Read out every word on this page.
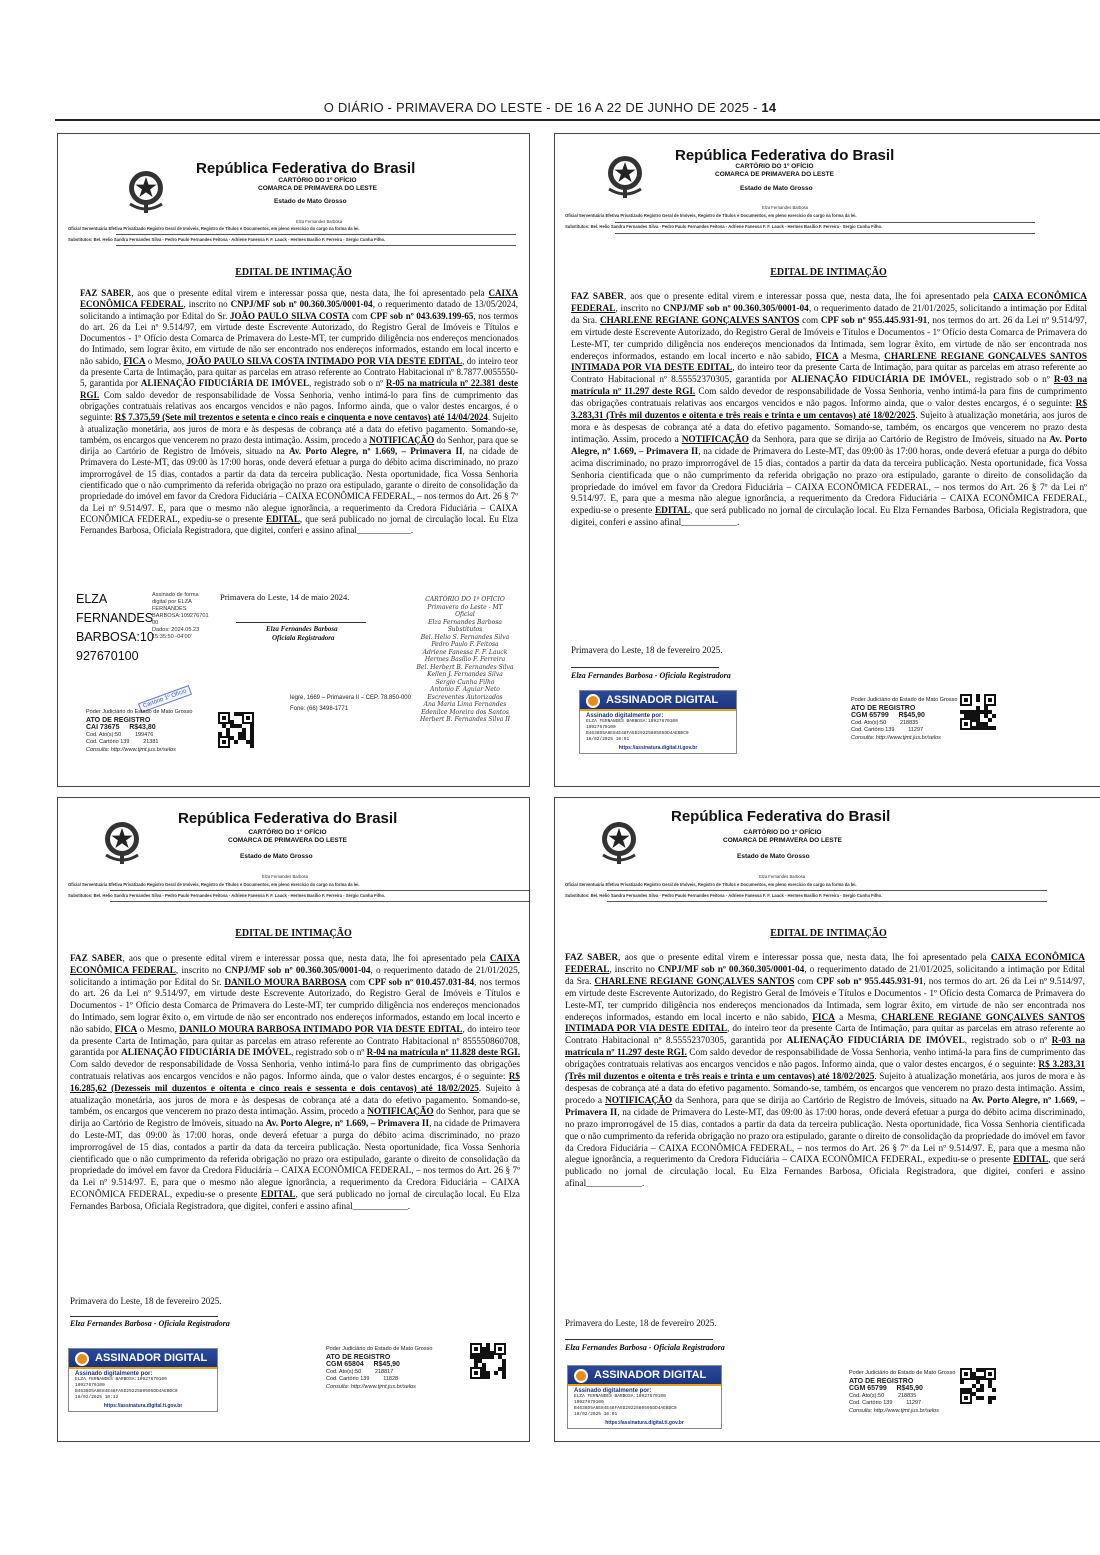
O DIÁRIO - PRIMAVERA DO LESTE - DE 16 A 22 DE JUNHO DE 2025 - 14
República Federativa do Brasil
CARTÓRIO DO 1º OFÍCIO
COMARCA DE PRIMAVERA DO LESTE
Estado de Mato Grosso
Elza Fernandes Barbosa
Oficial Serventuária Efetiva Privatizado Registro Geral de Imóveis, Registro de Títulos e Documentos, em pleno exercício do cargo na forma da lei.
Substitutos: Bel. Helio Sandra Fernandes Silva - Pedro Paulo Fernandes Feitosa - Adriene Fanessa F. F. Lauck - Hermes Basílio F. Ferreira - Sergio Cunha Filho.
EDITAL DE INTIMAÇÃO
FAZ SABER, aos que o presente edital virem e interessar possa que, nesta data, lhe foi apresentado pela CAIXA ECONÔMICA FEDERAL, inscrito no CNPJ/MF sob nº 00.360.305/0001-04, o requerimento datado de 13/05/2024, solicitando a intimação por Edital do Sr. JOÃO PAULO SILVA COSTA com CPF sob nº 043.639.199-65, nos termos do art. 26 da Lei nº 9.514/97, em virtude deste Escrevente Autorizado, do Registro Geral de Imóveis e Títulos e Documentos - 1º Ofício desta Comarca de Primavera do Leste-MT, ter cumprido diligência nos endereços mencionados do Intimado, sem lograr êxito, em virtude de não ser encontrado nos endereços informados, estando em local incerto e não sabido, FICA o Mesmo, JOÃO PAULO SILVA COSTA INTIMADO POR VIA DESTE EDITAL, do inteiro teor da presente Carta de Intimação, para quitar as parcelas em atraso referente ao Contrato Habitacional nº 8.7877.0055550-5, garantida por ALIENAÇÃO FIDUCIÁRIA DE IMÓVEL, registrado sob o nº R-05 na matrícula nº 22.381 deste RGI. Com saldo devedor de responsabilidade de Vossa Senhoria, venho intimá-lo para fins de cumprimento das obrigações contratuais relativas aos encargos vencidos e não pagos. Informo ainda, que o valor destes encargos, é o seguinte: R$ 7.375,59 (Sete mil trezentos e setenta e cinco reais e cinquenta e nove centavos) até 14/04/2024. Sujeito à atualização monetária, aos juros de mora e às despesas de cobrança até a data do efetivo pagamento. Somando-se, também, os encargos que vencerem no prazo desta intimação. Assim, procedo a NOTIFICAÇÃO do Senhor, para que se dirija ao Cartório de Registro de Imóveis, situado na Av. Porto Alegre, nº 1.669, – Primavera II, na cidade de Primavera do Leste-MT, das 09:00 às 17:00 horas, onde deverá efetuar a purga do débito acima discriminado, no prazo improrrogável de 15 dias, contados a partir da data da terceira publicação. Nesta oportunidade, fica Vossa Senhoria cientificado que o não cumprimento da referida obrigação no prazo ora estipulado, garante o direito de consolidação da propriedade do imóvel em favor da Credora Fiduciária – CAIXA ECONÔMICA FEDERAL, – nos termos do Art. 26 § 7º da Lei nº 9.514/97. E, para que o mesmo não alegue ignorância, a requerimento da Credora Fiduciária – CAIXA ECONÔMICA FEDERAL, expediu-se o presente EDITAL, que será publicado no jornal de circulação local. Eu Elza Fernandes Barbosa, Oficiala Registradora, que digitei, conferi e assino afinal____________.
ELZA
FERNANDES
BARBOSA:10
927670100
Assinado de forma
digital por ELZA
FERNANDES
BARBOSA:109276701
00
Dados: 2024.05.23
15:35:50 -04'00'
Primavera do Leste, 14 de maio 2024.
Elza Fernandes Barbosa
Oficiala Registradora
CARTÓRIO DO 1º OFÍCIO
Primavera do Leste - MT
Oficial
Elza Fernandes Barbosa
Substitutos
Bel. Helio S. Fernandes Silva
Pedro Paulo F. Feitosa
Adriene Fanessa F. F. Lauck
Hermes Basílio F. Ferreira
Bel. Herbert B. Fernandes Silva
Kellen J. Fernandes Silva
Sergio Cunha Filho
Antonio F. Aguiar Neto
Escreventes Autorizados
Ana Maria Lima Fernandes
Edenilce Moreira dos Santos
Herbert B. Fernandes Silva II
Cartório 1º Ofício	legre, 1669 – Primavera II – CEP. 78.850-000
Fone: (66) 3498-1771
Poder Judiciário do Estado de Mato Grosso
ATO DE REGISTRO
CAI 73675 R$43,80
Cod. Ato(s):50	199476
Cod. Cartório 139	21381
Consulta: http://www.tjmt.jus.br/selos
República Federativa do Brasil
CARTÓRIO DO 1º OFÍCIO
COMARCA DE PRIMAVERA DO LESTE
Estado de Mato Grosso
Elza Fernandes Barbosa
Oficial Serventuária Efetiva Privatizado Registro Geral de Imóveis, Registro de Títulos e Documentos, em pleno exercício do cargo na forma da lei.
Substitutos: Bel. Helio Sandra Fernandes Silva - Pedro Paulo Fernandes Feitosa - Adriene Fanessa F. F. Lauck - Hermes Basílio F. Ferreira - Sergio Cunha Filho.
EDITAL DE INTIMAÇÃO
FAZ SABER, aos que o presente edital virem e interessar possa que, nesta data, lhe foi apresentado pela CAIXA ECONÔMICA FEDERAL, inscrito no CNPJ/MF sob nº 00.360.305/0001-04, o requerimento datado de 21/01/2025, solicitando a intimação por Edital da Sra. CHARLENE REGIANE GONÇALVES SANTOS com CPF sob nº 955.445.931-91, nos termos do art. 26 da Lei nº 9.514/97, em virtude deste Escrevente Autorizado, do Registro Geral de Imóveis e Títulos e Documentos - 1º Ofício desta Comarca de Primavera do Leste-MT, ter cumprido diligência nos endereços mencionados da Intimada, sem lograr êxito, em virtude de não ser encontrada nos endereços informados, estando em local incerto e não sabido, FICA a Mesma, CHARLENE REGIANE GONÇALVES SANTOS INTIMADA POR VIA DESTE EDITAL, do inteiro teor da presente Carta de Intimação, para quitar as parcelas em atraso referente ao Contrato Habitacional nº 8.55552370305, garantida por ALIENAÇÃO FIDUCIÁRIA DE IMÓVEL, registrado sob o nº R-03 na matrícula nº 11.297 deste RGI. Com saldo devedor de responsabilidade de Vossa Senhoria, venho intimá-la para fins de cumprimento das obrigações contratuais relativas aos encargos vencidos e não pagos. Informo ainda, que o valor destes encargos, é o seguinte: R$ 3.283,31 (Três mil duzentos e oitenta e três reais e trinta e um centavos) até 18/02/2025. Sujeito à atualização monetária, aos juros de mora e às despesas de cobrança até a data do efetivo pagamento. Somando-se, também, os encargos que vencerem no prazo desta intimação. Assim, procedo a NOTIFICAÇÃO da Senhora, para que se dirija ao Cartório de Registro de Imóveis, situado na Av. Porto Alegre, nº 1.669, – Primavera II, na cidade de Primavera do Leste-MT, das 09:00 às 17:00 horas, onde deverá efetuar a purga do débito acima discriminado, no prazo improrrogável de 15 dias, contados a partir da data da terceira publicação. Nesta oportunidade, fica Vossa Senhoria cientificada que o não cumprimento da referida obrigação no prazo ora estipulado, garante o direito de consolidação da propriedade do imóvel em favor da Credora Fiduciária – CAIXA ECONÔMICA FEDERAL, – nos termos do Art. 26 § 7º da Lei nº 9.514/97. E, para que a mesma não alegue ignorância, a requerimento da Credora Fiduciária – CAIXA ECONÔMICA FEDERAL, expediu-se o presente EDITAL, que será publicado no jornal de circulação local. Eu Elza Fernandes Barbosa, Oficiala Registradora, que digitei, conferi e assino afinal____________.
Primavera do Leste, 18 de fevereiro 2025.
Elza Fernandes Barbosa - Oficiala Registradora
ASSINADOR DIGITAL
Assinado digitalmente por:
ELZA FERNANDES BARBOSA:10927670100
10927670100
B4638D5A6E84E48FA5D2922580595DD4AEBDC0
18/02/2025 10:01
https://assinatura.digital.ti.gov.br
Poder Judiciário do Estado de Mato Grosso
ATO DE REGISTRO
CGM 65799 R$45,90
Cod. Ato(s):50	218835
Cod. Cartório 139	11297
Consulta: http://www.tjmt.jus.br/selos
República Federativa do Brasil
CARTÓRIO DO 1º OFÍCIO
COMARCA DE PRIMAVERA DO LESTE
Estado de Mato Grosso
Elza Fernandes Barbosa
Oficial Serventuária Efetiva Privatizado Registro Geral de Imóveis, Registro de Títulos e Documentos, em pleno exercício do cargo na forma da lei.
Substitutos: Bel. Helio Sandra Fernandes Silva - Pedro Paulo Fernandes Feitosa - Adriene Fanessa F. F. Lauck - Hermes Basílio F. Ferreira - Sergio Cunha Filho.
EDITAL DE INTIMAÇÃO
FAZ SABER, aos que o presente edital virem e interessar possa que, nesta data, lhe foi apresentado pela CAIXA ECONÔMICA FEDERAL, inscrito no CNPJ/MF sob nº 00.360.305/0001-04, o requerimento datado de 21/01/2025, solicitando a intimação por Edital do Sr. DANILO MOURA BARBOSA com CPF sob nº 010.457.031-84, nos termos do art. 26 da Lei nº 9.514/97, em virtude deste Escrevente Autorizado, do Registro Geral de Imóveis e Títulos e Documentos - 1º Ofício desta Comarca de Primavera do Leste-MT, ter cumprido diligência nos endereços mencionados do Intimado, sem lograr êxito o, em virtude de não ser encontrado nos endereços informados, estando em local incerto e não sabido, FICA o Mesmo, DANILO MOURA BARBOSA INTIMADO POR VIA DESTE EDITAL, do inteiro teor da presente Carta de Intimação, para quitar as parcelas em atraso referente ao Contrato Habitacional nº 855550860708, garantida por ALIENAÇÃO FIDUCIÁRIA DE IMÓVEL, registrado sob o nº R-04 na matrícula nº 11.828 deste RGI. Com saldo devedor de responsabilidade de Vossa Senhoria, venho intimá-lo para fins de cumprimento das obrigações contratuais relativas aos encargos vencidos e não pagos. Informo ainda, que o valor destes encargos, é o seguinte: R$ 16.285,62 (Dezesseis mil duzentos e oitenta e cinco reais e sessenta e dois centavos) até 18/02/2025. Sujeito à atualização monetária, aos juros de mora e às despesas de cobrança até a data do efetivo pagamento. Somando-se, também, os encargos que vencerem no prazo desta intimação. Assim, procedo a NOTIFICAÇÃO do Senhor, para que se dirija ao Cartório de Registro de Imóveis, situado na Av. Porto Alegre, nº 1.669, – Primavera II, na cidade de Primavera do Leste-MT, das 09:00 às 17:00 horas, onde deverá efetuar a purga do débito acima discriminado, no prazo improrrogável de 15 dias, contados a partir da data da terceira publicação. Nesta oportunidade, fica Vossa Senhoria cientificado que o não cumprimento da referida obrigação no prazo ora estipulado, garante o direito de consolidação da propriedade do imóvel em favor da Credora Fiduciária – CAIXA ECONÔMICA FEDERAL, – nos termos do Art. 26 § 7º da Lei nº 9.514/97. E, para que o mesmo não alegue ignorância, a requerimento da Credora Fiduciária – CAIXA ECONÔMICA FEDERAL, expediu-se o presente EDITAL, que será publicado no jornal de circulação local. Eu Elza Fernandes Barbosa, Oficiala Registradora, que digitei, conferi e assino afinal____________.
Primavera do Leste, 18 de fevereiro 2025.
Elza Fernandes Barbosa - Oficiala Registradora
ASSINADOR DIGITAL
Assinado digitalmente por:
ELZA FERNANDES BARBOSA:10927670100
10927670100
B4638D5A6E84E48FA5D2922580595DD4AEBDC0
18/02/2025 10:12
https://assinatura.digital.ti.gov.br
Poder Judiciário do Estado de Mato Grosso
ATO DE REGISTRO
CGM 65804 R$45,90
Cod. Ato(s):50	218817
Cod. Cartório 139	11828
Consulta: http://www.tjmt.jus.br/selos
República Federativa do Brasil
CARTÓRIO DO 1º OFÍCIO
COMARCA DE PRIMAVERA DO LESTE
Estado de Mato Grosso
Elza Fernandes Barbosa
Oficial Serventuária Efetiva Privatizado Registro Geral de Imóveis, Registro de Títulos e Documentos, em pleno exercício do cargo na forma da lei.
Substitutos: Bel. Helio Sandra Fernandes Silva - Pedro Paulo Fernandes Feitosa - Adriene Fanessa F. F. Lauck - Hermes Basílio F. Ferreira - Sergio Cunha Filho.
EDITAL DE INTIMAÇÃO
FAZ SABER, aos que o presente edital virem e interessar possa que, nesta data, lhe foi apresentado pela CAIXA ECONÔMICA FEDERAL, inscrito no CNPJ/MF sob nº 00.360.305/0001-04, o requerimento datado de 21/01/2025, solicitando a intimação por Edital da Sra. CHARLENE REGIANE GONÇALVES SANTOS com CPF sob nº 955.445.931-91, nos termos do art. 26 da Lei nº 9.514/97, em virtude deste Escrevente Autorizado, do Registro Geral de Imóveis e Títulos e Documentos - 1º Ofício desta Comarca de Primavera do Leste-MT, ter cumprido diligência nos endereços mencionados da Intimada, sem lograr êxito, em virtude de não ser encontrada nos endereços informados, estando em local incerto e não sabido, FICA a Mesma, CHARLENE REGIANE GONÇALVES SANTOS INTIMADA POR VIA DESTE EDITAL, do inteiro teor da presente Carta de Intimação, para quitar as parcelas em atraso referente ao Contrato Habitacional nº 8.55552370305, garantida por ALIENAÇÃO FIDUCIÁRIA DE IMÓVEL, registrado sob o nº R-03 na matrícula nº 11.297 deste RGI. Com saldo devedor de responsabilidade de Vossa Senhoria, venho intimá-la para fins de cumprimento das obrigações contratuais relativas aos encargos vencidos e não pagos. Informo ainda, que o valor destes encargos, é o seguinte: R$ 3.283,31 (Três mil duzentos e oitenta e três reais e trinta e um centavos) até 18/02/2025. Sujeito à atualização monetária, aos juros de mora e às despesas de cobrança até a data do efetivo pagamento. Somando-se, também, os encargos que vencerem no prazo desta intimação. Assim, procedo a NOTIFICAÇÃO da Senhora, para que se dirija ao Cartório de Registro de Imóveis, situado na Av. Porto Alegre, nº 1.669, – Primavera II, na cidade de Primavera do Leste-MT, das 09:00 às 17:00 horas, onde deverá efetuar a purga do débito acima discriminado, no prazo improrrogável de 15 dias, contados a partir da data da terceira publicação. Nesta oportunidade, fica Vossa Senhoria cientificada que o não cumprimento da referida obrigação no prazo ora estipulado, garante o direito de consolidação da propriedade do imóvel em favor da Credora Fiduciária – CAIXA ECONÔMICA FEDERAL, – nos termos do Art. 26 § 7º da Lei nº 9.514/97. E, para que a mesma não alegue ignorância, a requerimento da Credora Fiduciária – CAIXA ECONÔMICA FEDERAL, expediu-se o presente EDITAL, que será publicado no jornal de circulação local. Eu Elza Fernandes Barbosa, Oficiala Registradora, que digitei, conferi e assino afinal____________.
Primavera do Leste, 18 de fevereiro 2025.
Elza Fernandes Barbosa - Oficiala Registradora
ASSINADOR DIGITAL
Assinado digitalmente por:
ELZA FERNANDES BARBOSA:10927670100
10927670100
B4638D5A6E84E48FA5D2922580595DD4AEBDC0
18/02/2025 10:01
https://assinatura.digital.ti.gov.br
Poder Judiciário do Estado de Mato Grosso
ATO DE REGISTRO
CGM 65799 R$45,90
Cod. Ato(s):50	218835
Cod. Cartório 139	11297
Consulta: http://www.tjmt.jus.br/selos
